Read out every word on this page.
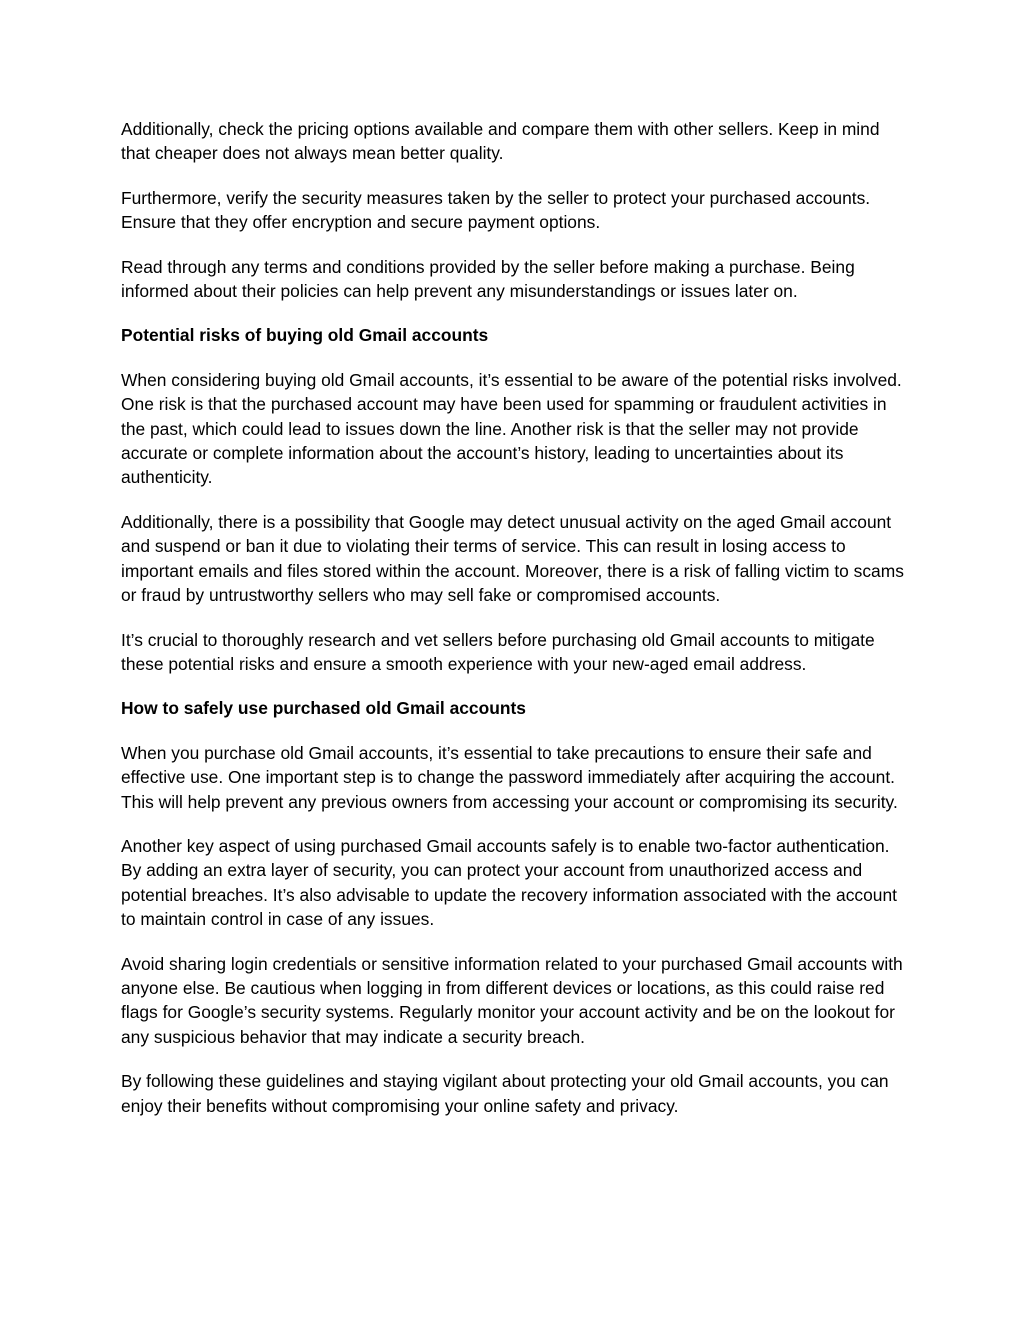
Additionally, check the pricing options available and compare them with other sellers. Keep in mind that cheaper does not always mean better quality.

Furthermore, verify the security measures taken by the seller to protect your purchased accounts. Ensure that they offer encryption and secure payment options.

Read through any terms and conditions provided by the seller before making a purchase. Being informed about their policies can help prevent any misunderstandings or issues later on.

Potential risks of buying old Gmail accounts

When considering buying old Gmail accounts, it’s essential to be aware of the potential risks involved. One risk is that the purchased account may have been used for spamming or fraudulent activities in the past, which could lead to issues down the line. Another risk is that the seller may not provide accurate or complete information about the account’s history, leading to uncertainties about its authenticity.

Additionally, there is a possibility that Google may detect unusual activity on the aged Gmail account and suspend or ban it due to violating their terms of service. This can result in losing access to important emails and files stored within the account. Moreover, there is a risk of falling victim to scams or fraud by untrustworthy sellers who may sell fake or compromised accounts.

It’s crucial to thoroughly research and vet sellers before purchasing old Gmail accounts to mitigate these potential risks and ensure a smooth experience with your new-aged email address.

How to safely use purchased old Gmail accounts

When you purchase old Gmail accounts, it’s essential to take precautions to ensure their safe and effective use. One important step is to change the password immediately after acquiring the account. This will help prevent any previous owners from accessing your account or compromising its security.

Another key aspect of using purchased Gmail accounts safely is to enable two-factor authentication. By adding an extra layer of security, you can protect your account from unauthorized access and potential breaches. It’s also advisable to update the recovery information associated with the account to maintain control in case of any issues.

Avoid sharing login credentials or sensitive information related to your purchased Gmail accounts with anyone else. Be cautious when logging in from different devices or locations, as this could raise red flags for Google’s security systems. Regularly monitor your account activity and be on the lookout for any suspicious behavior that may indicate a security breach.

By following these guidelines and staying vigilant about protecting your old Gmail accounts, you can enjoy their benefits without compromising your online safety and privacy.
